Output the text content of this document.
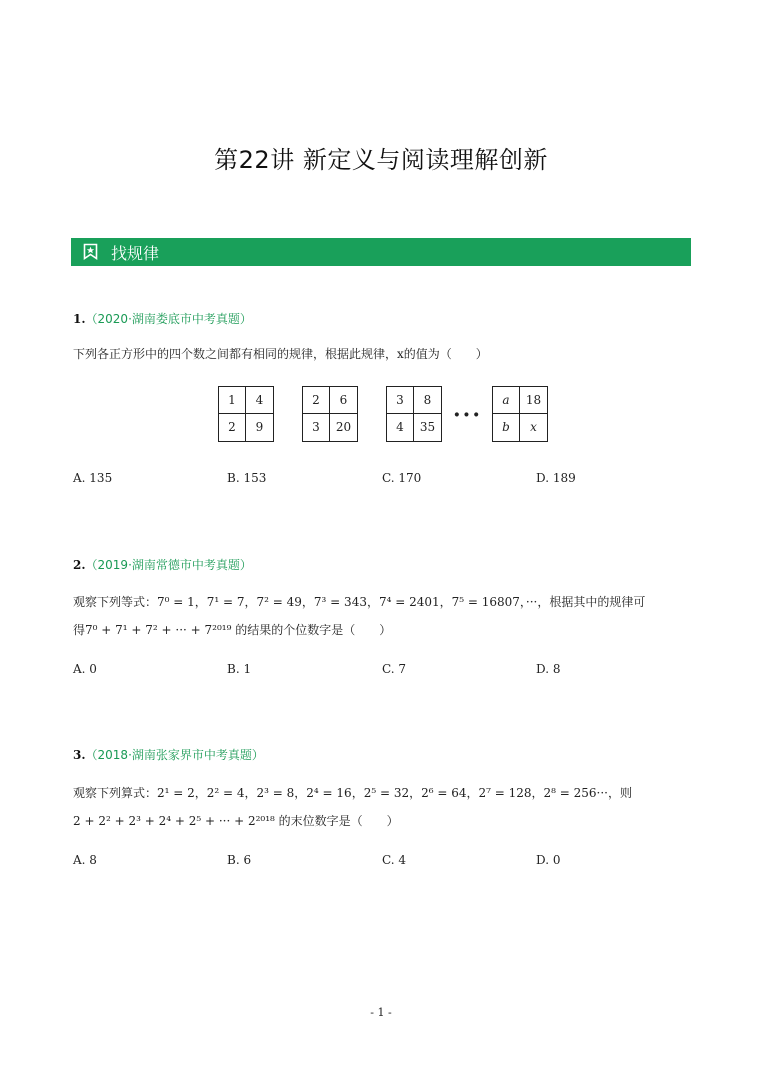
第22讲 新定义与阅读理解创新
找规律
1.（2020·湖南娄底市中考真题）
下列各正方形中的四个数之间都有相同的规律，根据此规律，x的值为（　　）
1	4
2	9
2	6
3	20
3	8
4	35 ···
a	18
b	x
A. 135	B. 153	C. 170	D. 189
2.（2019·湖南常德市中考真题）
观察下列等式：7⁰ = 1，7¹ = 7，7² = 49，7³ = 343，7⁴ = 2401，7⁵ = 16807，···，根据其中的规律可
得7⁰ + 7¹ + 7² + ··· + 7²⁰¹⁹ 的结果的个位数字是（　　）
A. 0	B. 1	C. 7	D. 8
3.（2018·湖南张家界市中考真题）
观察下列算式：2¹ = 2，2² = 4，2³ = 8，2⁴ = 16，2⁵ = 32，2⁶ = 64，2⁷ = 128，2⁸ = 256···，则
2 + 2² + 2³ + 2⁴ + 2⁵ + ··· + 2²⁰¹⁸ 的末位数字是（　　）
A. 8	B. 6	C. 4	D. 0
- 1 -
